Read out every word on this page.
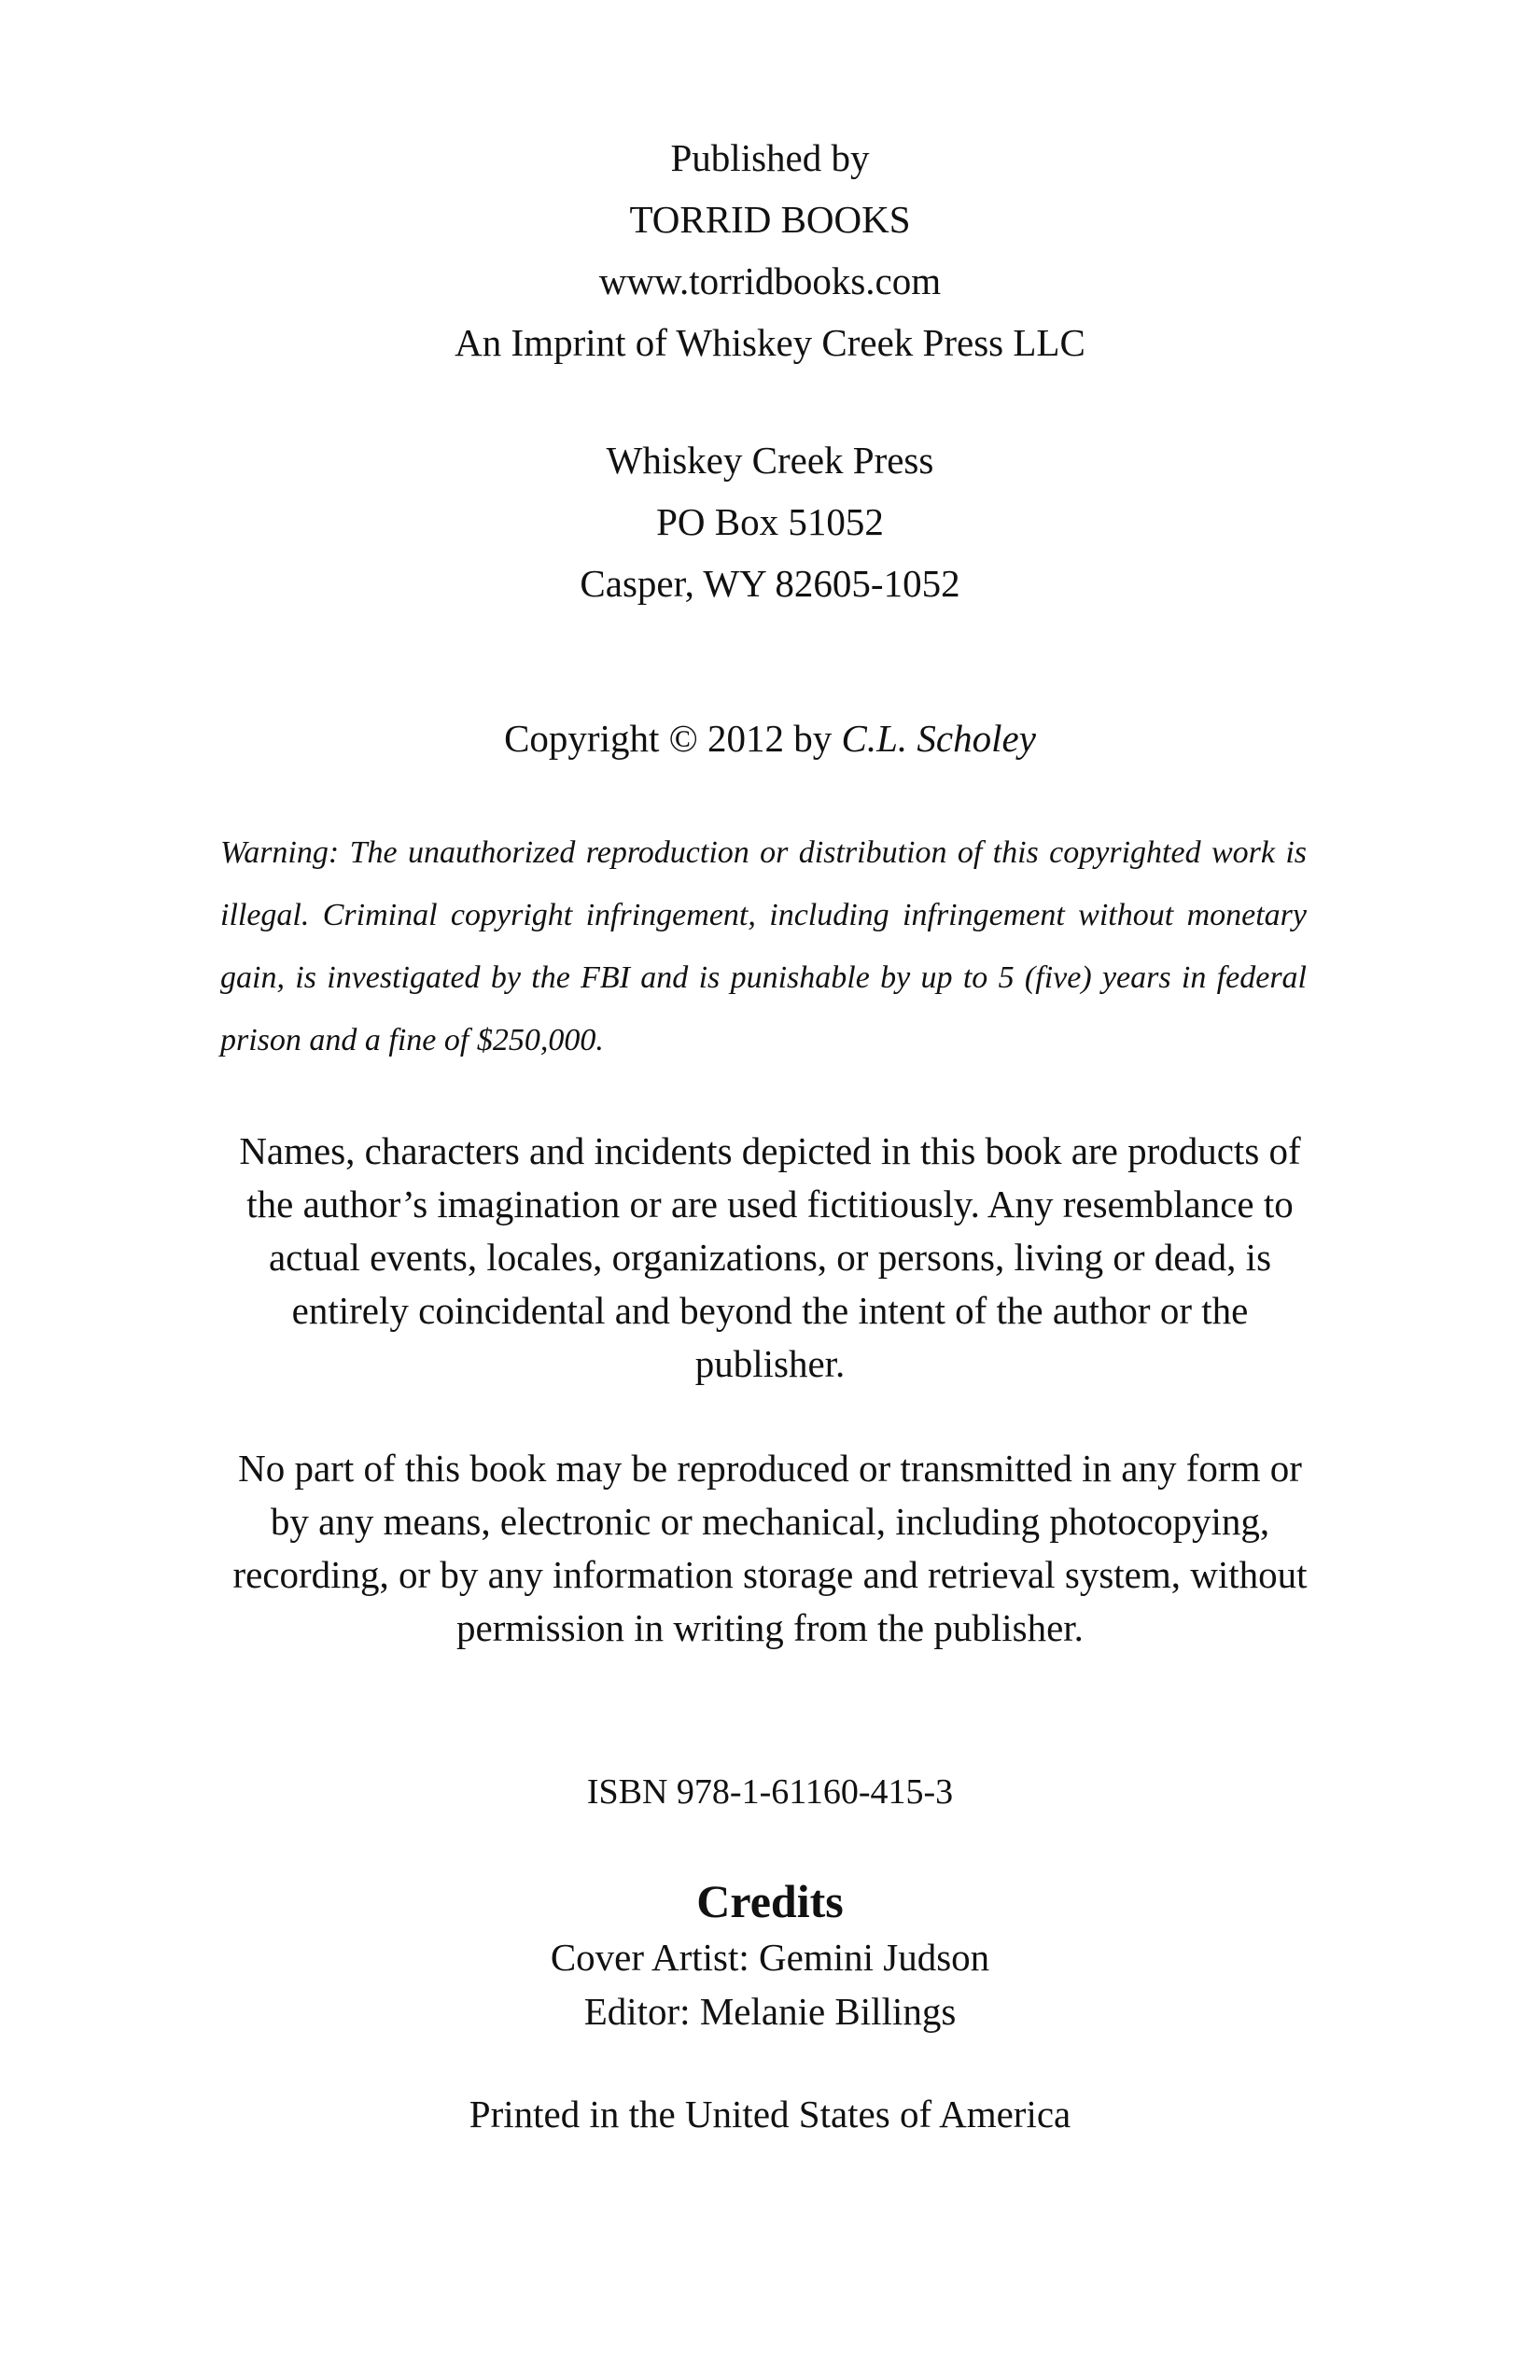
Published by
TORRID BOOKS
www.torridbooks.com
An Imprint of Whiskey Creek Press LLC
Whiskey Creek Press
PO Box 51052
Casper, WY 82605-1052
Copyright © 2012 by C.L. Scholey
Warning: The unauthorized reproduction or distribution of this copyrighted work is illegal. Criminal copyright infringement, including infringement without monetary gain, is investigated by the FBI and is punishable by up to 5 (five) years in federal prison and a fine of $250,000.
Names, characters and incidents depicted in this book are products of the author’s imagination or are used fictitiously. Any resemblance to actual events, locales, organizations, or persons, living or dead, is entirely coincidental and beyond the intent of the author or the publisher.
No part of this book may be reproduced or transmitted in any form or by any means, electronic or mechanical, including photocopying, recording, or by any information storage and retrieval system, without permission in writing from the publisher.
ISBN 978-1-61160-415-3
Credits
Cover Artist: Gemini Judson
Editor: Melanie Billings
Printed in the United States of America
